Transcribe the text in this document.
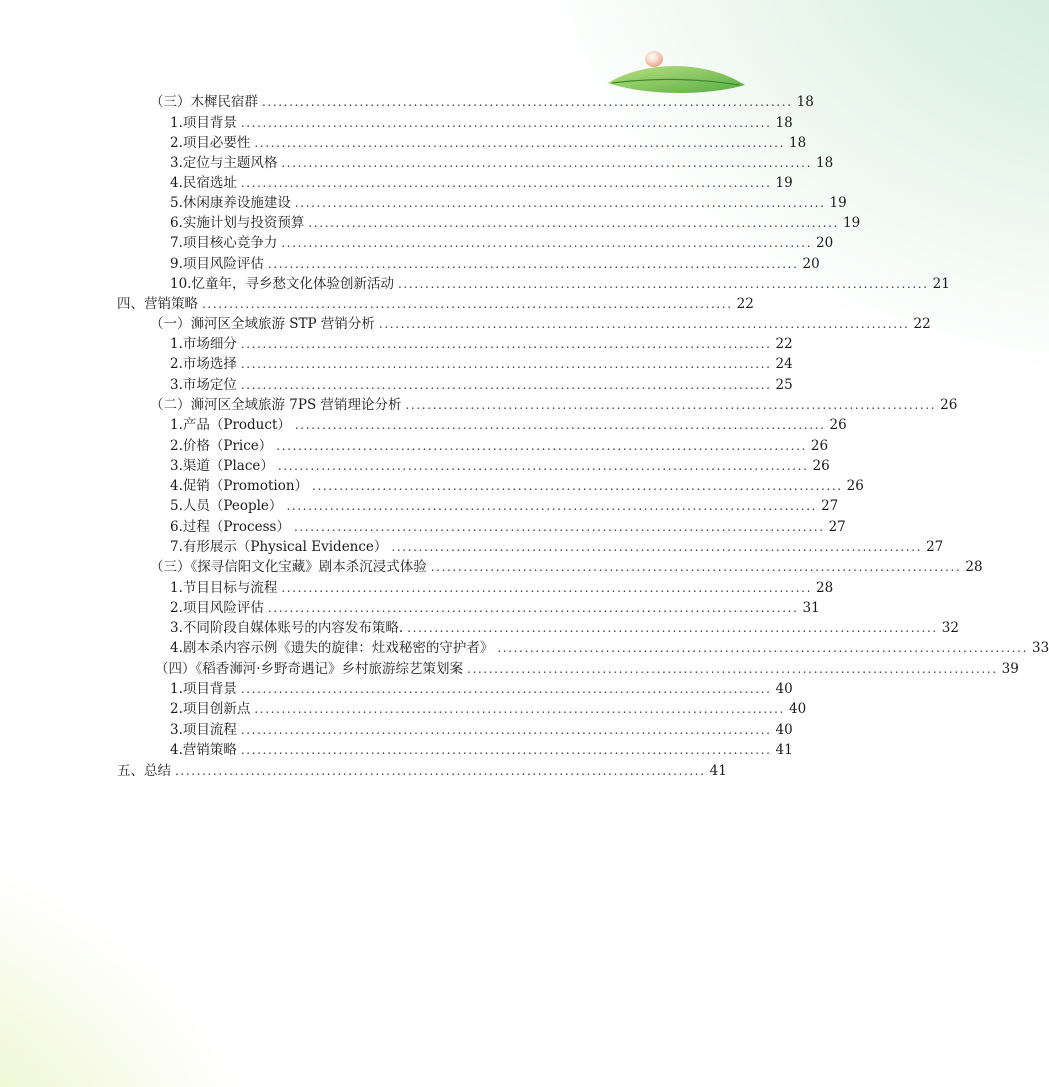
（三）木樨民宿群 .................................................................................................. 18
1.项目背景 .................................................................................................. 18
2.项目必要性 .................................................................................................. 18
3.定位与主题风格 .................................................................................................. 18
4.民宿选址 .................................................................................................. 19
5.休闲康养设施建设 .................................................................................................. 19
6.实施计划与投资预算 .................................................................................................. 19
7.项目核心竞争力 .................................................................................................. 20
9.项目风险评估 .................................................................................................. 20
10.忆童年，寻乡愁文化体验创新活动 .................................................................................................. 21
四、营销策略 .................................................................................................. 22
（一）浉河区全域旅游 STP 营销分析 .................................................................................................. 22
1.市场细分 .................................................................................................. 22
2.市场选择 .................................................................................................. 24
3.市场定位 .................................................................................................. 25
（二）浉河区全域旅游 7PS 营销理论分析 .................................................................................................. 26
1.产品（Product） .................................................................................................. 26
2.价格（Price） .................................................................................................. 26
3.渠道（Place） .................................................................................................. 26
4.促销（Promotion） .................................................................................................. 26
5.人员（People） .................................................................................................. 27
6.过程（Process） .................................................................................................. 27
7.有形展示（Physical Evidence） .................................................................................................. 27
（三）《探寻信阳文化宝藏》剧本杀沉浸式体验 .................................................................................................. 28
1.节目目标与流程 .................................................................................................. 28
2.项目风险评估 .................................................................................................. 31
3.不同阶段自媒体账号的内容发布策略. .................................................................................................. 32
4.剧本杀内容示例《遗失的旋律：灶戏秘密的守护者》 .................................................................................................. 33
（四）《稻香浉河·乡野奇遇记》乡村旅游综艺策划案 .................................................................................................. 39
1.项目背景 .................................................................................................. 40
2.项目创新点 .................................................................................................. 40
3.项目流程 .................................................................................................. 40
4.营销策略 .................................................................................................. 41
五、总结 .................................................................................................. 41
